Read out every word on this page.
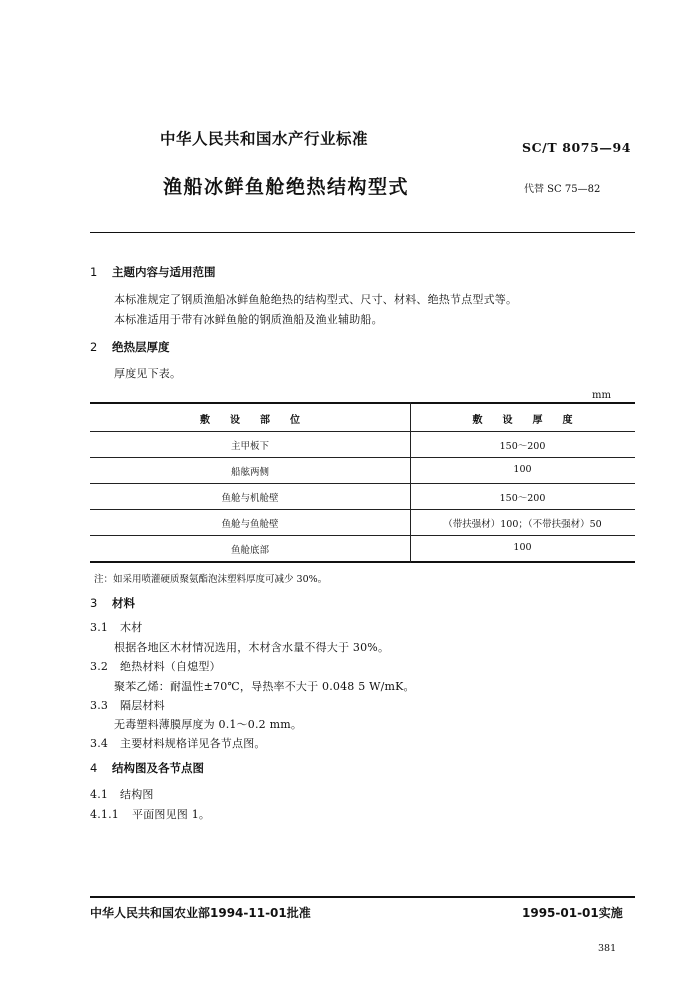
中华人民共和国水产行业标准	SC/T 8075—94
渔船冰鲜鱼舱绝热结构型式	代替 SC 75—82
1 主题内容与适用范围
本标准规定了钢质渔船冰鲜鱼舱绝热的结构型式、尺寸、材料、绝热节点型式等。
本标准适用于带有冰鲜鱼舱的钢质渔船及渔业辅助船。
2 绝热层厚度
厚度见下表。
mm
敷　　设　　部　　位	敷　　设　　厚　　度
主甲板下	150～200
船舷两侧	100
鱼舱与机舱壁	150～200
鱼舱与鱼舱壁	（带扶强材）100；（不带扶强材）50
鱼舱底部	100
注：如采用喷灌硬质聚氨酯泡沫塑料厚度可减少 30%。
3 材料
3.1 木材
根据各地区木材情况选用，木材含水量不得大于 30%。
3.2 绝热材料（自熄型）
聚苯乙烯：耐温性±70℃，导热率不大于 0.048 5 W/mK。
3.3 隔层材料
无毒塑料薄膜厚度为 0.1～0.2 mm。
3.4 主要材料规格详见各节点图。
4 结构图及各节点图
4.1 结构图
4.1.1 平面图见图 1。
中华人民共和国农业部1994-11-01批准	1995-01-01实施
381
